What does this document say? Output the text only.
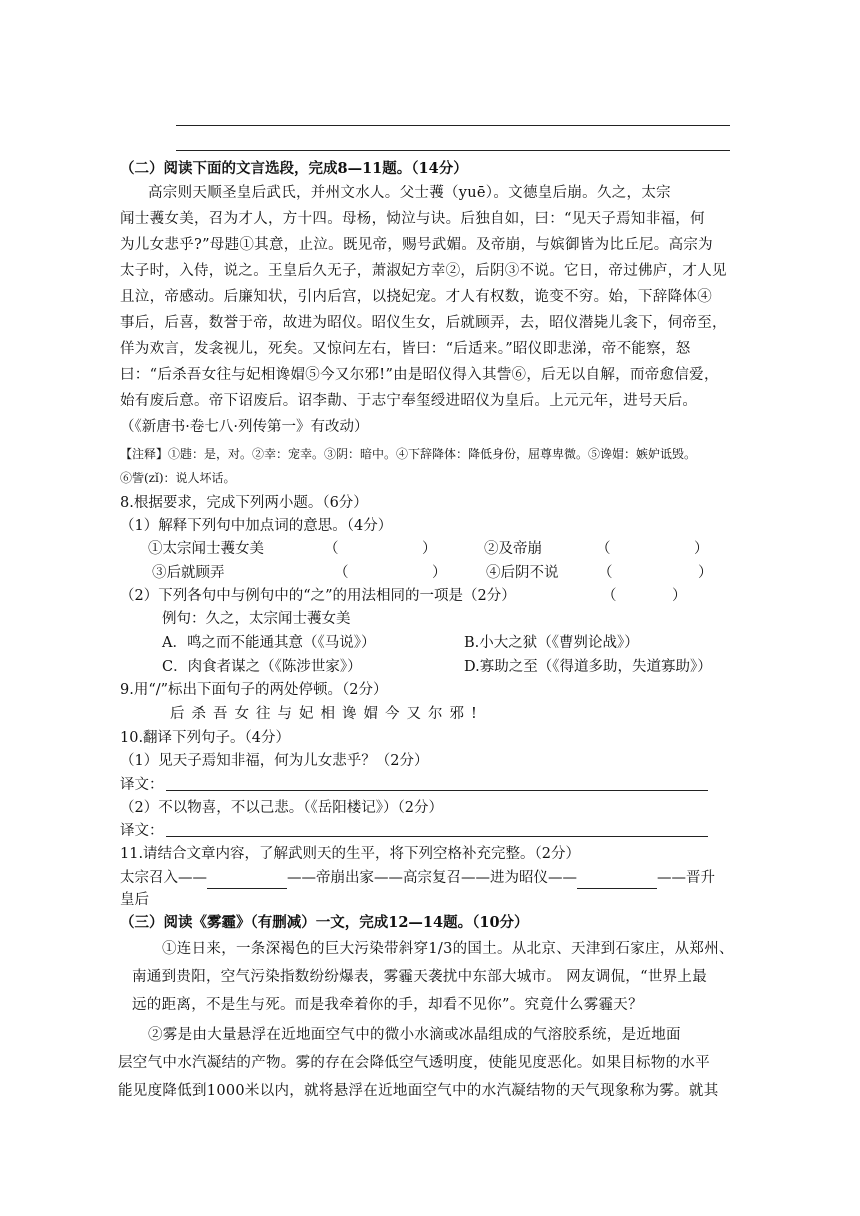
（二）阅读下面的文言选段，完成8—11题。（14分）
高宗则天顺圣皇后武氏，并州文水人。父士彟（yuē）。文德皇后崩。久之，太宗
闻士彟女美，召为才人，方十四。母杨，恸泣与诀。后独自如，曰：“见天子焉知非福，何
为儿女悲乎?”母韪①其意，止泣。既见帝，赐号武媚。及帝崩，与嫔御皆为比丘尼。高宗为
太子时，入侍，说之。王皇后久无子，萧淑妃方幸②，后阴③不说。它日，帝过佛庐，才人见
且泣，帝感动。后廉知状，引内后宫，以挠妃宠。才人有权数，诡变不穷。始，下辞降体④
事后，后喜，数誉于帝，故进为昭仪。昭仪生女，后就顾弄，去，昭仪潜毙儿衾下，伺帝至，
佯为欢言，发衾视儿，死矣。又惊问左右，皆曰：“后适来。”昭仪即悲涕，帝不能察，怒
曰：“后杀吾女往与妃相谗媢⑤今又尔邪!”由是昭仪得入其訾⑥，后无以自解，而帝愈信爱，
始有废后意。帝下诏废后。诏李勣、于志宁奉玺绶进昭仪为皇后。上元元年，进号天后。
（《新唐书·卷七八·列传第一》有改动）
【注释】①韪：是，对。②幸：宠幸。③阴：暗中。④下辞降体：降低身份，屈尊卑微。⑤谗媢：嫉妒诋毁。
⑥訾(zǐ)：说人坏话。
8.根据要求，完成下列两小题。（6分）
（1）解释下列句中加点词的意思。（4分）
①太宗闻士彟女美	（	）	②及帝崩	（	）
③后就顾弄	（	）	④后阴不说	（	）
（2）下列各句中与例句中的“之”的用法相同的一项是（2分）	（	）
例句：久之，太宗闻士彟女美
A．鸣之而不能通其意（《马说》）	B.小大之狱（《曹刿论战》）
C．肉食者谋之（《陈涉世家》）	D.寡助之至（《得道多助，失道寡助》）
9.用“/”标出下面句子的两处停顿。（2分）
后杀吾女往与妃相谗媢今又尔邪!
10.翻译下列句子。（4分）
（1）见天子焉知非福，何为儿女悲乎？（2分）
译文：
（2）不以物喜，不以己悲。（《岳阳楼记》）（2分）
译文：
11.请结合文章内容，了解武则天的生平，将下列空格补充完整。（2分）
太宗召入——	——帝崩出家——高宗复召——进为昭仪——	——晋升
皇后
（三）阅读《雾霾》（有删减）一文，完成12—14题。（10分）
①连日来，一条深褐色的巨大污染带斜穿1/3的国土。从北京、天津到石家庄，从郑州、
南通到贵阳，空气污染指数纷纷爆表，雾霾天袭扰中东部大城市。 网友调侃，“世界上最
远的距离，不是生与死。而是我牵着你的手，却看不见你”。究竟什么雾霾天？
②雾是由大量悬浮在近地面空气中的微小水滴或冰晶组成的气溶胶系统，是近地面
层空气中水汽凝结的产物。雾的存在会降低空气透明度，使能见度恶化。如果目标物的水平
能见度降低到1000米以内，就将悬浮在近地面空气中的水汽凝结物的天气现象称为雾。就其
